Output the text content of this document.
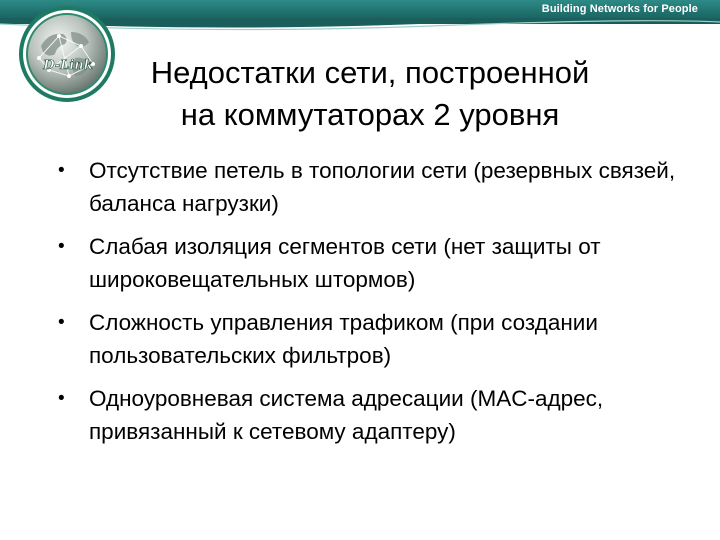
Building Networks for People
D-Link	Недостатки сети, построенной
на коммутаторах 2 уровня
• Отсутствие петель в топологии сети (резервных связей, баланса нагрузки)
• Слабая изоляция сегментов сети (нет защиты от широковещательных штормов)
• Сложность управления трафиком (при создании пользовательских фильтров)
• Одноуровневая система адресации (MAC-адрес, привязанный к сетевому адаптеру)
